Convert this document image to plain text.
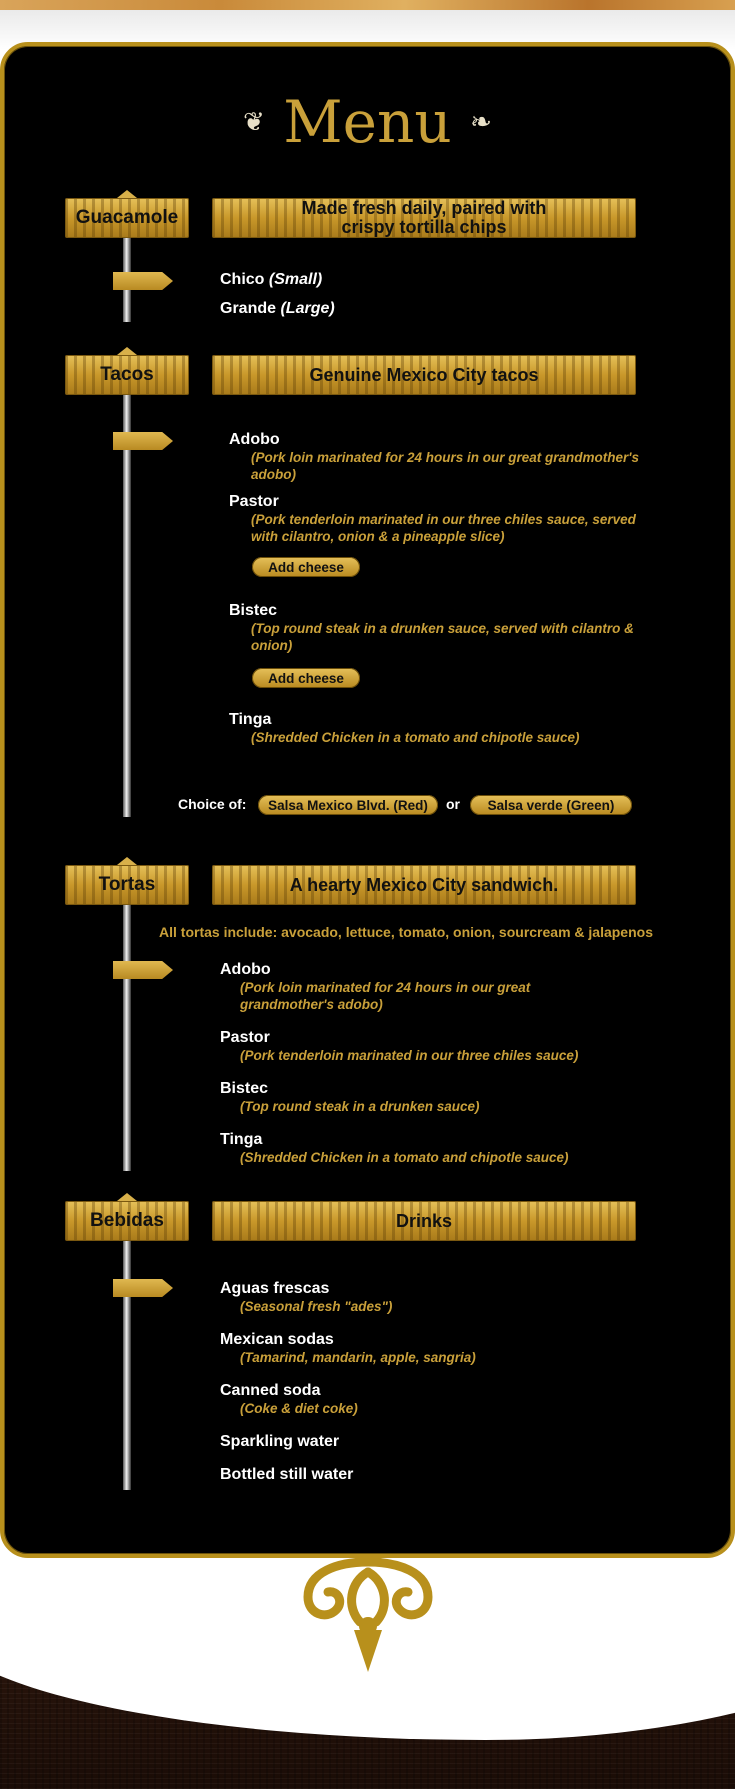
❦ Menu ❧
Guacamole	Made fresh daily, paired with
crispy tortilla chips
Chico (Small)
Grande (Large)
Tacos	Genuine Mexico City tacos
Adobo
(Pork loin marinated for 24 hours in our great grandmother's
adobo)
Pastor
(Pork tenderloin marinated in our three chiles sauce, served
with cilantro, onion & a pineapple slice)
Add cheese
Bistec
(Top round steak in a drunken sauce, served with cilantro &
onion)
Add cheese
Tinga
(Shredded Chicken in a tomato and chipotle sauce)
Choice of:	Salsa Mexico Blvd. (Red)	or	Salsa verde (Green)
Tortas	A hearty Mexico City sandwich.
All tortas include: avocado, lettuce, tomato, onion, sourcream & jalapenos
Adobo
(Pork loin marinated for 24 hours in our great
grandmother's adobo)
Pastor
(Pork tenderloin marinated in our three chiles sauce)
Bistec
(Top round steak in a drunken sauce)
Tinga
(Shredded Chicken in a tomato and chipotle sauce)
Bebidas	Drinks
Aguas frescas
(Seasonal fresh "ades")
Mexican sodas
(Tamarind, mandarin, apple, sangria)
Canned soda
(Coke & diet coke)
Sparkling water
Bottled still water
